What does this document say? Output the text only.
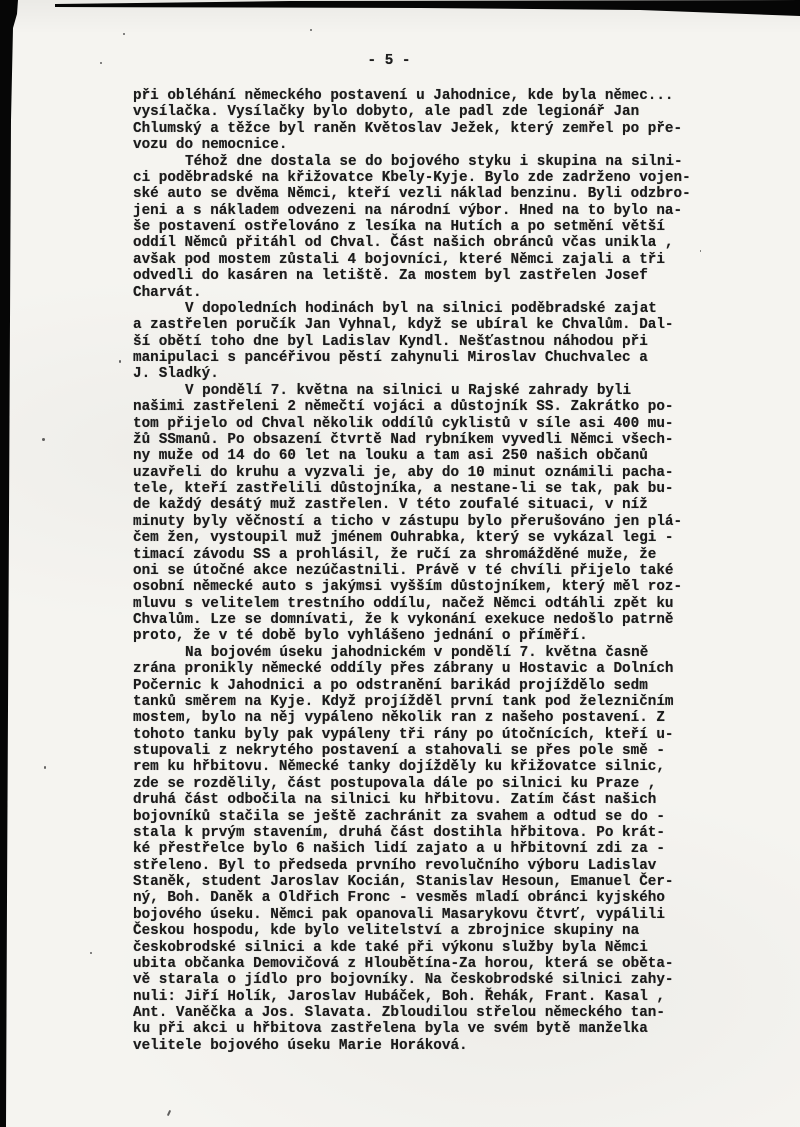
- 5 -
při obléhání německého postavení u Jahodnice, kde byla němec...
vysílačka. Vysílačky bylo dobyto, ale padl zde legionář Jan
Chlumský a těžce byl raněn Květoslav Ježek, který zemřel po pře-
vozu do nemocnice.
Téhož dne dostala se do bojového styku i skupina na silni-
ci poděbradské na křižovatce Kbely-Kyje. Bylo zde zadrženo vojen-
ské auto se dvěma Němci, kteří vezli náklad benzinu. Byli odzbro-
jeni a s nákladem odvezeni na národní výbor. Hned na to bylo na-
še postavení ostřelováno z lesíka na Hutích a po setmění větší
oddíl Němců přitáhl od Chval. Část našich obránců včas unikla ,
avšak pod mostem zůstali 4 bojovníci, které Němci zajali a tři
odvedli do kasáren na letiště. Za mostem byl zastřelen Josef
Charvát.
V dopoledních hodinách byl na silnici poděbradské zajat
a zastřelen poručík Jan Vyhnal, když se ubíral ke Chvalům. Dal-
ší obětí toho dne byl Ladislav Kyndl. Nešťastnou náhodou při
manipulaci s pancéřivou pěstí zahynuli Miroslav Chuchvalec a
J. Sladký.
V pondělí 7. května na silnici u Rajské zahrady byli
našimi zastřeleni 2 němečtí vojáci a důstojník SS. Zakrátko po-
tom přijelo od Chval několik oddílů cyklistů v síle asi 400 mu-
žů SSmanů. Po obsazení čtvrtě Nad rybníkem vyvedli Němci všech-
ny muže od 14 do 60 let na louku a tam asi 250 našich občanů
uzavřeli do kruhu a vyzvali je, aby do 10 minut oznámili pacha-
tele, kteří zastřelili důstojníka, a nestane-li se tak, pak bu-
de každý desátý muž zastřelen. V této zoufalé situaci, v níž
minuty byly věčností a ticho v zástupu bylo přerušováno jen plá-
čem žen, vystoupil muž jménem Ouhrabka, který se vykázal legi -
timací závodu SS a prohlásil, že ručí za shromážděné muže, že
oni se útočné akce nezúčastnili. Právě v té chvíli přijelo také
osobní německé auto s jakýmsi vyšším důstojníkem, který měl roz-
mluvu s velitelem trestního oddílu, načež Němci odtáhli zpět ku
Chvalům. Lze se domnívati, že k vykonání exekuce nedošlo patrně
proto, že v té době bylo vyhlášeno jednání o příměří.
Na bojovém úseku jahodnickém v pondělí 7. května časně
zrána pronikly německé oddíly přes zábrany u Hostavic a Dolních
Počernic k Jahodnici a po odstranění barikád projíždělo sedm
tanků směrem na Kyje. Když projížděl první tank pod železničním
mostem, bylo na něj vypáleno několik ran z našeho postavení. Z
tohoto tanku byly pak vypáleny tři rány po útočnících, kteří u-
stupovali z nekrytého postavení a stahovali se přes pole smě -
rem ku hřbitovu. Německé tanky dojížděly ku křižovatce silnic,
zde se rozdělily, část postupovala dále po silnici ku Praze ,
druhá část odbočila na silnici ku hřbitovu. Zatím část našich
bojovníků stačila se ještě zachránit za svahem a odtud se do -
stala k prvým stavením, druhá část dostihla hřbitova. Po krát-
ké přestřelce bylo 6 našich lidí zajato a u hřbitovní zdi za -
střeleno. Byl to předseda prvního revolučního výboru Ladislav
Staněk, student Jaroslav Kocián, Stanislav Hesoun, Emanuel Čer-
ný, Boh. Daněk a Oldřich Fronc - vesměs mladí obránci kyjského
bojového úseku. Němci pak opanovali Masarykovu čtvrť, vypálili
Českou hospodu, kde bylo velitelství a zbrojnice skupiny na
českobrodské silnici a kde také při výkonu služby byla Němci
ubita občanka Demovičová z Hloubětína-Za horou, která se oběta-
vě starala o jídlo pro bojovníky. Na českobrodské silnici zahy-
nuli: Jiří Holík, Jaroslav Hubáček, Boh. Řehák, Frant. Kasal ,
Ant. Vaněčka a Jos. Slavata. Zbloudilou střelou německého tan-
ku při akci u hřbitova zastřelena byla ve svém bytě manželka
velitele bojového úseku Marie Horáková.
